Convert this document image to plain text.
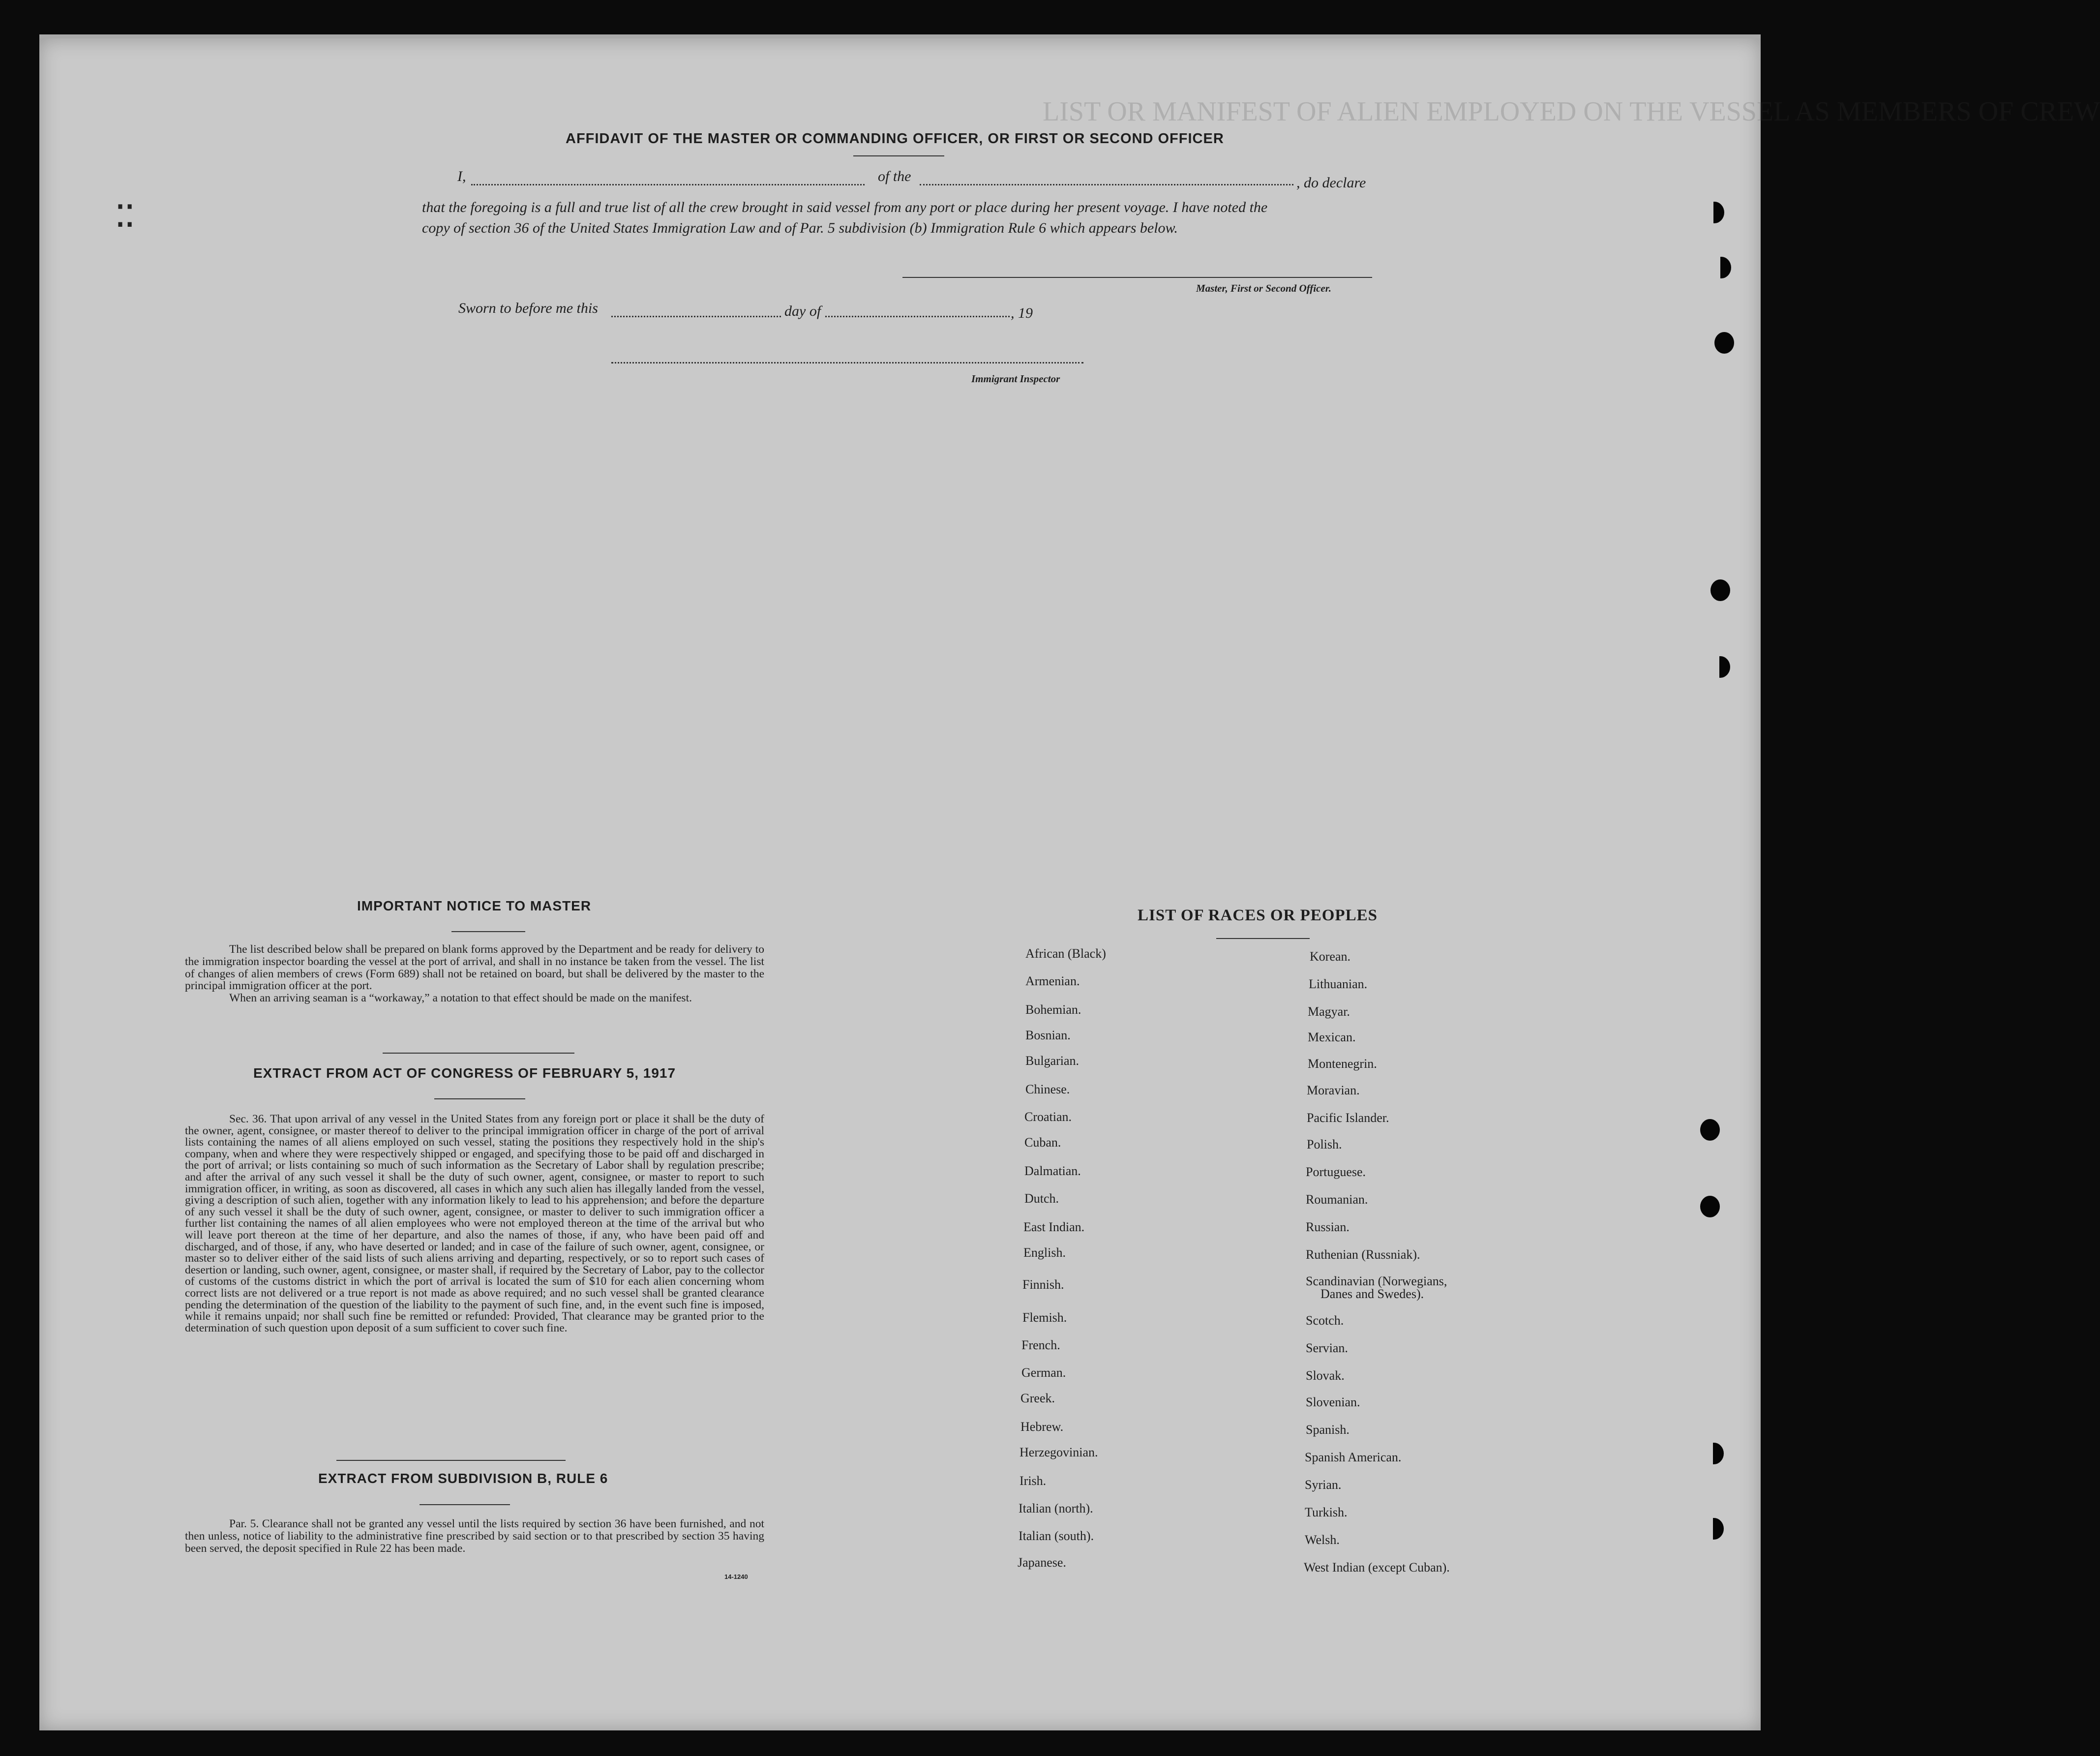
LIST OR MANIFEST OF ALIEN EMPLOYED ON THE VESSEL AS MEMBERS OF CREW
⁚⁚
AFFIDAVIT OF THE MASTER OR COMMANDING OFFICER, OR FIRST OR SECOND OFFICER
I,	of the	, do declare
that the foregoing is a full and true list of all the crew brought in said vessel from any port or place during her present voyage. I have noted the
copy of section 36 of the United States Immigration Law and of Par. 5 subdivision (b) Immigration Rule 6 which appears below.
Master, First or Second Officer.
Sworn to before me this	day of	, 19
Immigrant Inspector
IMPORTANT NOTICE TO MASTER

The list described below shall be prepared on blank forms approved by the Department and be ready for delivery to the immigration inspector boarding the vessel at the port of arrival, and shall in no instance be taken from the vessel. The list of changes of alien members of crews (Form 689) shall not be retained on board, but shall be delivered by the master to the principal immigration officer at the port.

When an arriving seaman is a “workaway,” a notation to that effect should be made on the manifest.

EXTRACT FROM ACT OF CONGRESS OF FEBRUARY 5, 1917

Sec. 36. That upon arrival of any vessel in the United States from any foreign port or place it shall be the duty of the owner, agent, consignee, or master thereof to deliver to the principal immigration officer in charge of the port of arrival lists containing the names of all aliens employed on such vessel, stating the positions they respectively hold in the ship's company, when and where they were respectively shipped or engaged, and specifying those to be paid off and discharged in the port of arrival; or lists containing so much of such information as the Secretary of Labor shall by regulation prescribe; and after the arrival of any such vessel it shall be the duty of such owner, agent, consignee, or master to report to such immigration officer, in writing, as soon as discovered, all cases in which any such alien has illegally landed from the vessel, giving a description of such alien, together with any information likely to lead to his apprehension; and before the departure of any such vessel it shall be the duty of such owner, agent, consignee, or master to deliver to such immigration officer a further list containing the names of all alien employees who were not employed thereon at the time of the arrival but who will leave port thereon at the time of her departure, and also the names of those, if any, who have been paid off and discharged, and of those, if any, who have deserted or landed; and in case of the failure of such owner, agent, consignee, or master so to deliver either of the said lists of such aliens arriving and departing, respectively, or so to report such cases of desertion or landing, such owner, agent, consignee, or master shall, if required by the Secretary of Labor, pay to the collector of customs of the customs district in which the port of arrival is located the sum of $10 for each alien concerning whom correct lists are not delivered or a true report is not made as above required; and no such vessel shall be granted clearance pending the determination of the question of the liability to the payment of such fine, and, in the event such fine is imposed, while it remains unpaid; nor shall such fine be remitted or refunded: Provided, That clearance may be granted prior to the determination of such question upon deposit of a sum sufficient to cover such fine.

EXTRACT FROM SUBDIVISION B, RULE 6

Par. 5. Clearance shall not be granted any vessel until the lists required by section 36 have been furnished, and not then unless, notice of liability to the administrative fine prescribed by said section or to that prescribed by section 35 having been served, the deposit specified in Rule 22 has been made.

14-1240
LIST OF RACES OR PEOPLES
African (Black)
Armenian.
Bohemian.
Bosnian.
Bulgarian.
Chinese.
Croatian.
Cuban.
Dalmatian.
Dutch.
East Indian.
English.
Finnish.
Flemish.
French.
German.
Greek.
Hebrew.
Herzegovinian.
Irish.
Italian (north).
Italian (south).
Japanese.
Korean.
Lithuanian.
Magyar.
Mexican.
Montenegrin.
Moravian.
Pacific Islander.
Polish.
Portuguese.
Roumanian.
Russian.
Ruthenian (Russniak).
Scandinavian (Norwegians,
Danes and Swedes).
Scotch.
Servian.
Slovak.
Slovenian.
Spanish.
Spanish American.
Syrian.
Turkish.
Welsh.
West Indian (except Cuban).
